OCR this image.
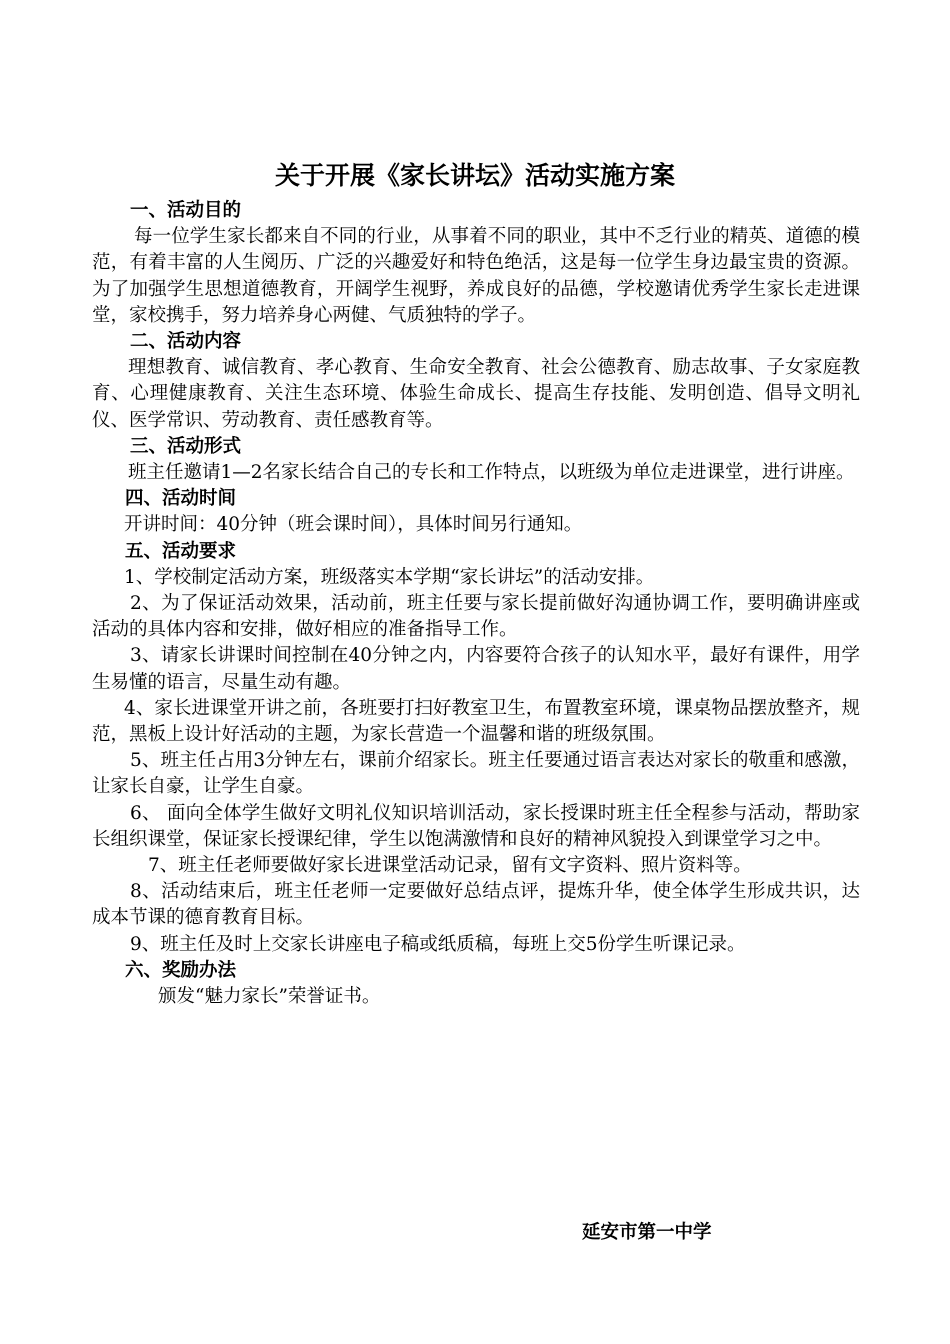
关于开展《家长讲坛》活动实施方案
一、活动目的
每一位学生家长都来自不同的行业，从事着不同的职业，其中不乏行业的精英、道德的模范，有着丰富的人生阅历、广泛的兴趣爱好和特色绝活，这是每一位学生身边最宝贵的资源。为了加强学生思想道德教育，开阔学生视野，养成良好的品德，学校邀请优秀学生家长走进课堂，家校携手，努力培养身心两健、气质独特的学子。
二、活动内容
理想教育、诚信教育、孝心教育、生命安全教育、社会公德教育、励志故事、子女家庭教育、心理健康教育、关注生态环境、体验生命成长、提高生存技能、发明创造、倡导文明礼仪、医学常识、劳动教育、责任感教育等。
三、活动形式
班主任邀请1—2名家长结合自己的专长和工作特点，以班级为单位走进课堂，进行讲座。
四、活动时间
开讲时间：40分钟（班会课时间），具体时间另行通知。
五、活动要求
1、学校制定活动方案，班级落实本学期“家长讲坛”的活动安排。
2、为了保证活动效果，活动前，班主任要与家长提前做好沟通协调工作，要明确讲座或活动的具体内容和安排，做好相应的准备指导工作。
3、请家长讲课时间控制在40分钟之内，内容要符合孩子的认知水平，最好有课件，用学生易懂的语言，尽量生动有趣。
4、家长进课堂开讲之前，各班要打扫好教室卫生，布置教室环境，课桌物品摆放整齐，规范，黑板上设计好活动的主题，为家长营造一个温馨和谐的班级氛围。
5、班主任占用3分钟左右，课前介绍家长。班主任要通过语言表达对家长的敬重和感激，让家长自豪，让学生自豪。
6、 面向全体学生做好文明礼仪知识培训活动，家长授课时班主任全程参与活动，帮助家长组织课堂，保证家长授课纪律，学生以饱满激情和良好的精神风貌投入到课堂学习之中。
7、班主任老师要做好家长进课堂活动记录，留有文字资料、照片资料等。
8、活动结束后，班主任老师一定要做好总结点评，提炼升华，使全体学生形成共识，达成本节课的德育教育目标。
9、班主任及时上交家长讲座电子稿或纸质稿，每班上交5份学生听课记录。
六、奖励办法
颁发“魅力家长”荣誉证书。
延安市第一中学
